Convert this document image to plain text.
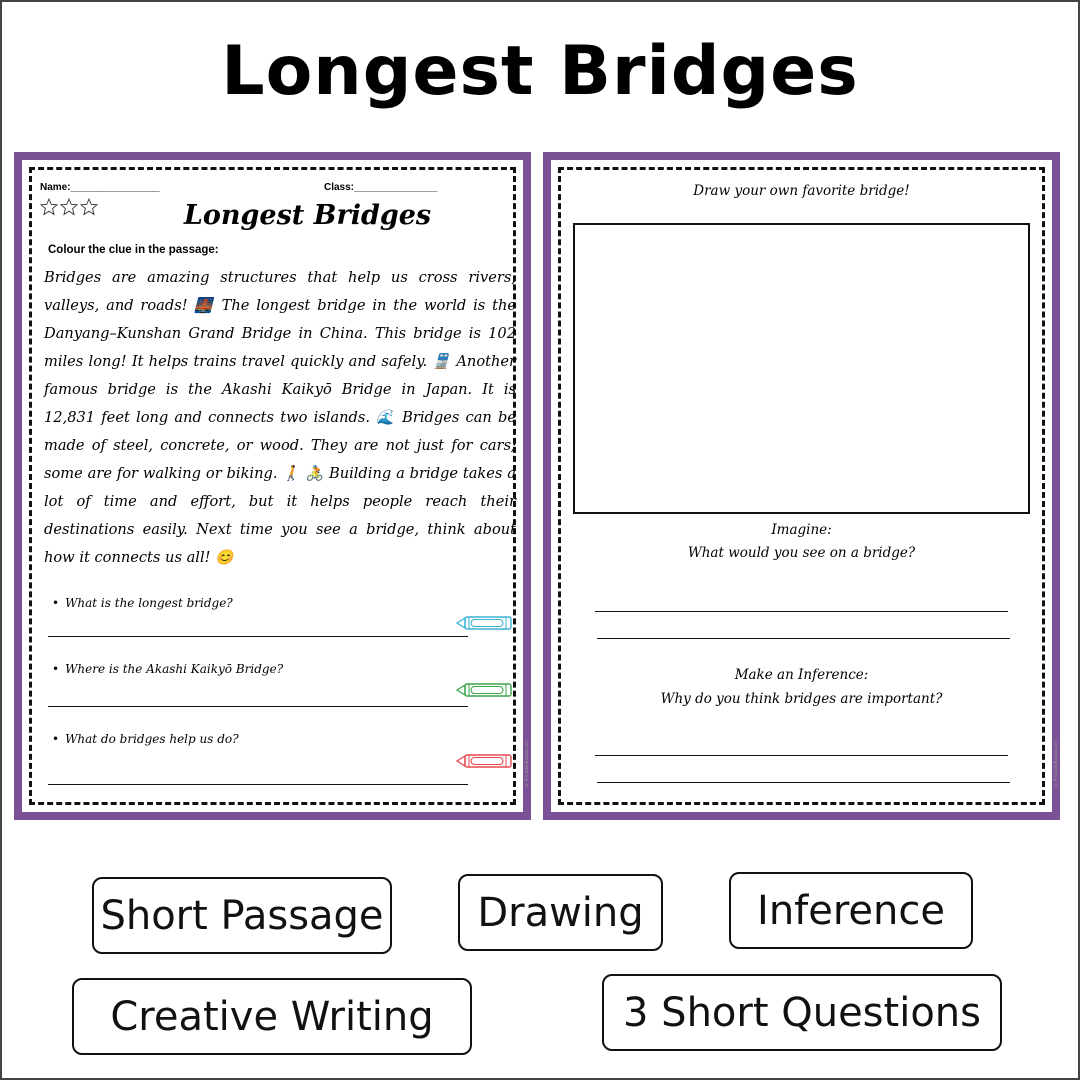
Longest Bridges
Name:________________	Class:_______________
Longest Bridges
Colour the clue in the passage:
Bridges are amazing structures that help us cross rivers, valleys, and roads! 🌉 The longest bridge in the world is the Danyang–Kunshan Grand Bridge in China. This bridge is 102 miles long! It helps trains travel quickly and safely. 🚆 Another famous bridge is the Akashi Kaikyō Bridge in Japan. It is 12,831 feet long and connects two islands. 🌊 Bridges can be made of steel, concrete, or wood. They are not just for cars; some are for walking or biking. 🚶 🚴 Building a bridge takes a lot of time and effort, but it helps people reach their destinations easily. Next time you see a bridge, think about how it connects us all! 😊
• What is the longest bridge?
• Where is the Akashi Kaikyō Bridge?
• What do bridges help us do?
© PrintableBazaar.com
Draw your own favorite bridge!
Imagine:
What would you see on a bridge?
Make an Inference:
Why do you think bridges are important?
© PrintableBazaar.com
Short Passage	Drawing	Inference
Creative Writing	3 Short Questions
